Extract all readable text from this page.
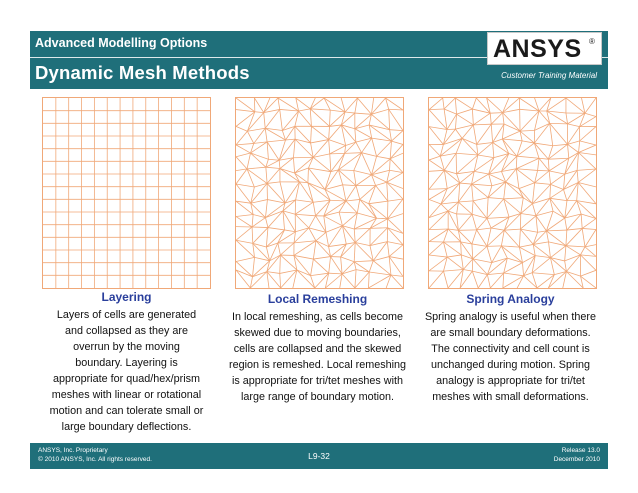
Advanced Modelling Options
Dynamic Mesh Methods	Customer Training Material
ANSYS ®
Layering

Layers of cells are generated
and collapsed as they are
overrun by the moving
boundary. Layering is
appropriate for quad/hex/prism
meshes with linear or rotational
motion and can tolerate small or
large boundary deflections.

Local Remeshing

In local remeshing, as cells become
skewed due to moving boundaries,
cells are collapsed and the skewed
region is remeshed. Local remeshing
is appropriate for tri/tet meshes with
large range of boundary motion.

Spring Analogy

Spring analogy is useful when there
are small boundary deformations.
The connectivity and cell count is
unchanged during motion. Spring
analogy is appropriate for tri/tet
meshes with small deformations.

ANSYS, Inc. Proprietary
© 2010 ANSYS, Inc. All rights reserved.	L9-32
Release 13.0
December 2010
